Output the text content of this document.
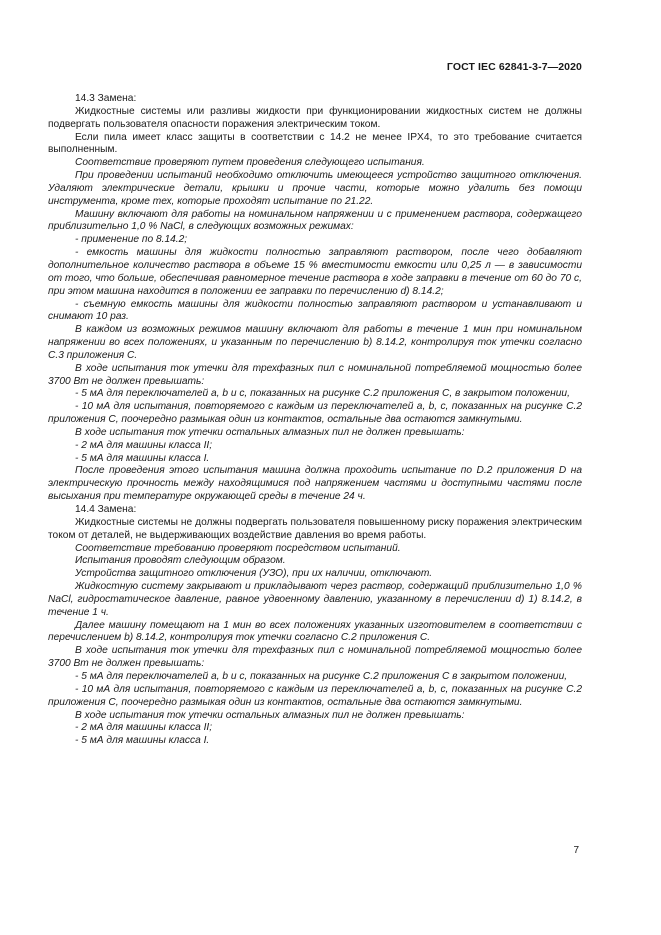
ГОСТ IEC 62841-3-7—2020

14.3 Замена:

Жидкостные системы или разливы жидкости при функционировании жидкостных систем не должны подвергать пользователя опасности поражения электрическим током.

Если пила имеет класс защиты в соответствии с 14.2 не менее IPX4, то это требование считается выполненным.

Соответствие проверяют путем проведения следующего испытания.

При проведении испытаний необходимо отключить имеющееся устройство защитного отключения. Удаляют электрические детали, крышки и прочие части, которые можно удалить без помощи инструмента, кроме тех, которые проходят испытание по 21.22.

Машину включают для работы на номинальном напряжении и с применением раствора, содержащего приблизительно 1,0 % NaCl, в следующих возможных режимах:

- применение по 8.14.2;

- емкость машины для жидкости полностью заправляют раствором, после чего добавляют дополнительное количество раствора в объеме 15 % вместимости емкости или 0,25 л — в зависимости от того, что больше, обеспечивая равномерное течение раствора в ходе заправки в течение от 60 до 70 с, при этом машина находится в положении ее заправки по перечислению d) 8.14.2;

- съемную емкость машины для жидкости полностью заправляют раствором и устанавливают и снимают 10 раз.

В каждом из возможных режимов машину включают для работы в течение 1 мин при номинальном напряжении во всех положениях, и указанным по перечислению b) 8.14.2, контролируя ток утечки согласно С.3 приложения С.

В ходе испытания ток утечки для трехфазных пил с номинальной потребляемой мощностью более 3700 Вт не должен превышать:

- 5 мА для переключателей а, b и с, показанных на рисунке С.2 приложения С, в закрытом положении,

- 10 мА для испытания, повторяемого с каждым из переключателей а, b, с, показанных на рисунке С.2 приложения С, поочередно размыкая один из контактов, остальные два остаются замкнутыми.

В ходе испытания ток утечки остальных алмазных пил не должен превышать:

- 2 мА для машины класса II;

- 5 мА для машины класса I.

После проведения этого испытания машина должна проходить испытание по D.2 приложения D на электрическую прочность между находящимися под напряжением частями и доступными частями после высыхания при температуре окружающей среды в течение 24 ч.

14.4 Замена:

Жидкостные системы не должны подвергать пользователя повышенному риску поражения электрическим током от деталей, не выдерживающих воздействие давления во время работы.

Соответствие требованию проверяют посредством испытаний.

Испытания проводят следующим образом.

Устройства защитного отключения (УЗО), при их наличии, отключают.

Жидкостную систему закрывают и прикладывают через раствор, содержащий приблизительно 1,0 % NaCl, гидростатическое давление, равное удвоенному давлению, указанному в перечислении d) 1) 8.14.2, в течение 1 ч.

Далее машину помещают на 1 мин во всех положениях указанных изготовителем в соответствии с перечислением b) 8.14.2, контролируя ток утечки согласно С.2 приложения С.

В ходе испытания ток утечки для трехфазных пил с номинальной потребляемой мощностью более 3700 Вт не должен превышать:

- 5 мА для переключателей а, b и с, показанных на рисунке С.2 приложения С в закрытом положении,

- 10 мА для испытания, повторяемого с каждым из переключателей а, b, с, показанных на рисунке С.2 приложения С, поочередно размыкая один из контактов, остальные два остаются замкнутыми.

В ходе испытания ток утечки остальных алмазных пил не должен превышать:

- 2 мА для машины класса II;

- 5 мА для машины класса I.

7
